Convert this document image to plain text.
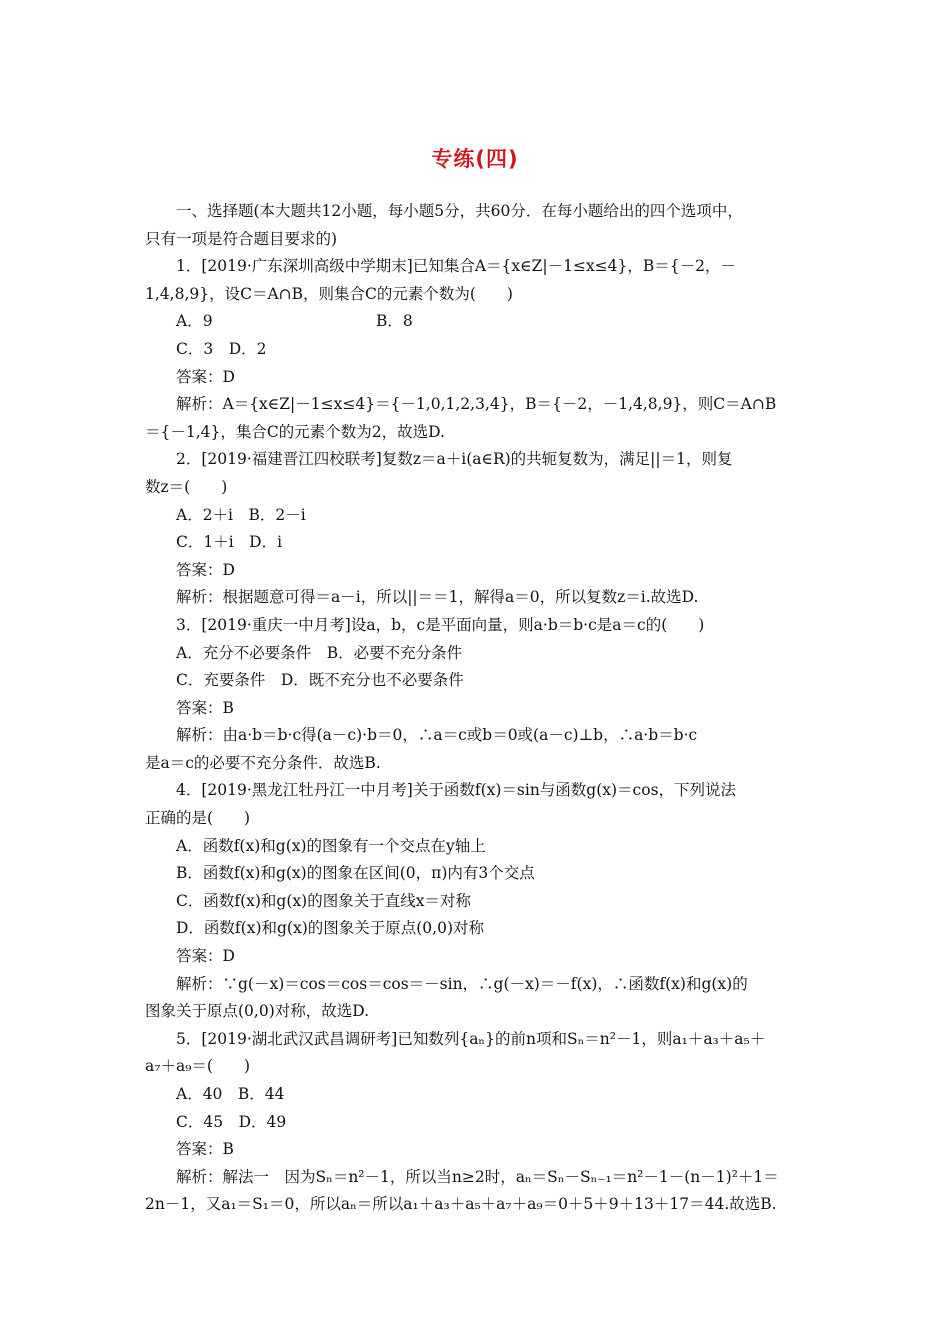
专练(四)
一、选择题(本大题共12小题，每小题5分，共60分．在每小题给出的四个选项中，
只有一项是符合题目要求的)
1．[2019·广东深圳高级中学期末]已知集合A＝{x∈Z|－1≤x≤4}，B＝{－2，－
1,4,8,9}，设C＝A∩B，则集合C的元素个数为(　　)
A．9	B．8
C．3　D．2
答案：D
解析：A＝{x∈Z|－1≤x≤4}＝{－1,0,1,2,3,4}，B＝{－2，－1,4,8,9}，则C＝A∩B
＝{－1,4}，集合C的元素个数为2，故选D.
2．[2019·福建晋江四校联考]复数z＝a＋i(a∈R)的共轭复数为，满足||＝1，则复
数z＝(　　)
A．2＋i　B．2－i
C．1＋i　D．i
答案：D
解析：根据题意可得＝a－i，所以||＝＝1，解得a＝0，所以复数z＝i.故选D.
3．[2019·重庆一中月考]设a，b，c是平面向量，则a·b＝b·c是a＝c的(　　)
A．充分不必要条件　B．必要不充分条件
C．充要条件　D．既不充分也不必要条件
答案：B
解析：由a·b＝b·c得(a－c)·b＝0，∴a＝c或b＝0或(a－c)⊥b，∴a·b＝b·c
是a＝c的必要不充分条件．故选B.
4．[2019·黑龙江牡丹江一中月考]关于函数f(x)＝sin与函数g(x)＝cos，下列说法
正确的是(　　)
A．函数f(x)和g(x)的图象有一个交点在y轴上
B．函数f(x)和g(x)的图象在区间(0，π)内有3个交点
C．函数f(x)和g(x)的图象关于直线x＝对称
D．函数f(x)和g(x)的图象关于原点(0,0)对称
答案：D
解析：∵g(－x)＝cos＝cos＝cos＝－sin，∴g(－x)＝－f(x)，∴函数f(x)和g(x)的
图象关于原点(0,0)对称，故选D.
5．[2019·湖北武汉武昌调研考]已知数列{aₙ}的前n项和Sₙ＝n²－1，则a₁＋a₃＋a₅＋
a₇＋a₉＝(　　)
A．40　B．44
C．45　D．49
答案：B
解析：解法一　因为Sₙ＝n²－1，所以当n≥2时，aₙ＝Sₙ－Sₙ₋₁＝n²－1－(n－1)²＋1＝
2n－1，又a₁＝S₁＝0，所以aₙ＝所以a₁＋a₃＋a₅＋a₇＋a₉＝0＋5＋9＋13＋17＝44.故选B.
